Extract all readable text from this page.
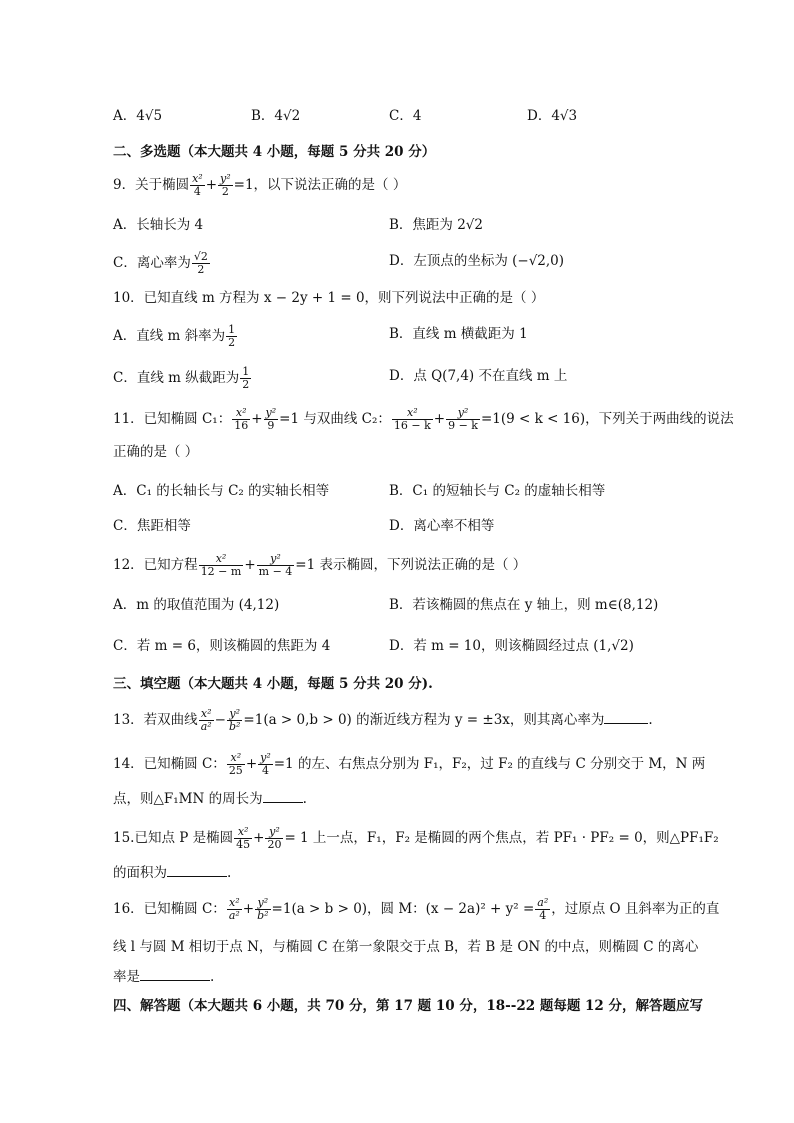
A．4√5	B．4√2	C．4	D．4√3
二、多选题（本大题共 4 小题，每题 5 分共 20 分）
9．关于椭圆 $\frac{\text{x²}}{4} + \frac{\text{y²}}{2} =1$，以下说法正确的是（ ）
A．长轴长为 4	B．焦距为 2√2
C．离心率为 $\frac{√2}{2}$	D．左顶点的坐标为 (−√2,0)
10．已知直线 m 方程为 x − 2y + 1 = 0，则下列说法中正确的是（ ）
A．直线 m 斜率为 $\frac{1}{2}$	B．直线 m 横截距为 1
C．直线 m 纵截距为 $\frac{1}{2}$	D．点 Q(7,4) 不在直线 m 上
11．已知椭圆 C₁： $\frac{\text{x²}}{16} + \frac{\text{y²}}{9} =1$ 与双曲线 C₂： $\frac{\text{x²}}{16 - k} + \frac{\text{y²}}{9 - k} =1(9 < k < 16)$，下列关于两曲线的说法
正确的是（ ）
A．C₁ 的长轴长与 C₂ 的实轴长相等	B．C₁ 的短轴长与 C₂ 的虚轴长相等
C．焦距相等	D．离心率不相等
12．已知方程 $\frac{\text{x²}}{12 - m} + \frac{\text{y²}}{m - 4} =1$ 表示椭圆，下列说法正确的是（ ）
A．m 的取值范围为 (4,12)	B．若该椭圆的焦点在 y 轴上，则 m∈(8,12)
C．若 m = 6，则该椭圆的焦距为 4	D．若 m = 10，则该椭圆经过点 (1,√2)
三、填空题（本大题共 4 小题，每题 5 分共 20 分).
13．若双曲线 $\frac{\text{x²}}{\text{a²}} - \frac{\text{y²}}{\text{b²}} =1(a > 0,b > 0)$ 的渐近线方程为 y = ±3x，则其离心率为	.
14．已知椭圆 C： $\frac{\text{x²}}{25} + \frac{\text{y²}}{4} =1$ 的左、右焦点分别为 F₁，F₂，过 F₂ 的直线与 C 分别交于 M，N 两
点，则△F₁MN 的周长为	.
15.已知点 P 是椭圆 $\frac{\text{x²}}{45} + \frac{\text{y²}}{20} = 1$ 上一点，F₁，F₂ 是椭圆的两个焦点，若 PF₁ · PF₂ = 0，则△PF₁F₂
的面积为	.
16．已知椭圆 C： $\frac{\text{x²}}{\text{a²}} + \frac{\text{y²}}{\text{b²}} =1(a > b > 0)$，圆 M：$(x - 2a)^2 + y^2 = \frac{\text{a²}}{4}$ ，过原点 O 且斜率为正的直
线 l 与圆 M 相切于点 N，与椭圆 C 在第一象限交于点 B，若 B 是 ON 的中点，则椭圆 C 的离心
率是	.
四、解答题（本大题共 6 小题，共 70 分，第 17 题 10 分，18--22 题每题 12 分，解答题应写
